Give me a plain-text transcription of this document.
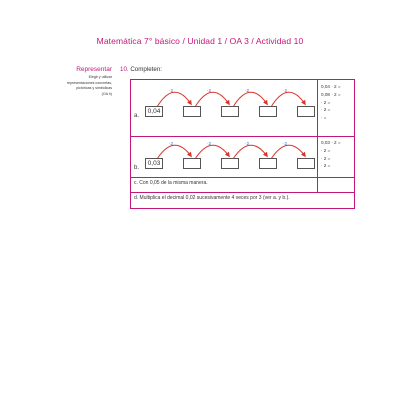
Matemática 7° básico / Unidad 1 / OA 3 / Actividad 10
Representar
Elegir y utilizar
representaciones concretas,
pictóricas y simbólicas
(OA h)
10. Completen:
·2	·2	·2	·2
a.
0,04
0,04 · 2 =
0,08 · 2 =
· 2 =
· 2 =
· =
·2	·2	·2	·2
b.
0,03
0,03 · 2 =
· 2 =
· 2 =
· 2 =
c. Con 0,05 de la misma manera.
d. Multiplica el decimal 0,02 sucesivamente 4 veces por 3 (ver a. y b.).
